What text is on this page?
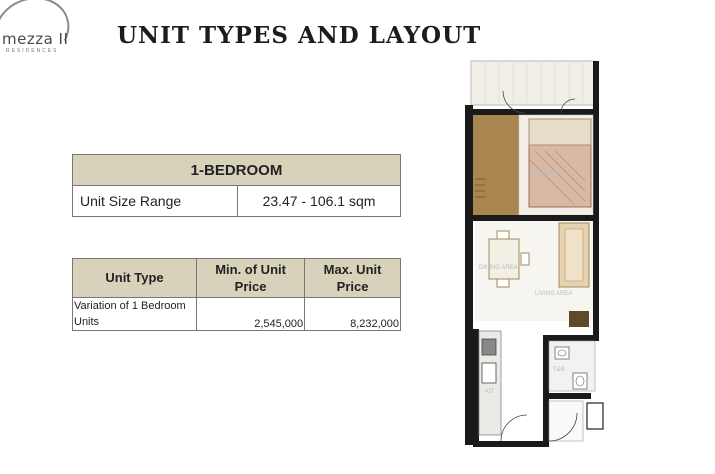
mezza II
RESIDENCES
UNIT TYPES AND LAYOUT
1-BEDROOM
Unit Size Range	23.47 - 106.1 sqm
Unit Type	Min. of Unit Price	Max. Unit Price
Variation of 1 Bedroom Units	2,545,000	8,232,000
BEDROOM
DINING AREA
LIVING AREA
KIT
T&B
